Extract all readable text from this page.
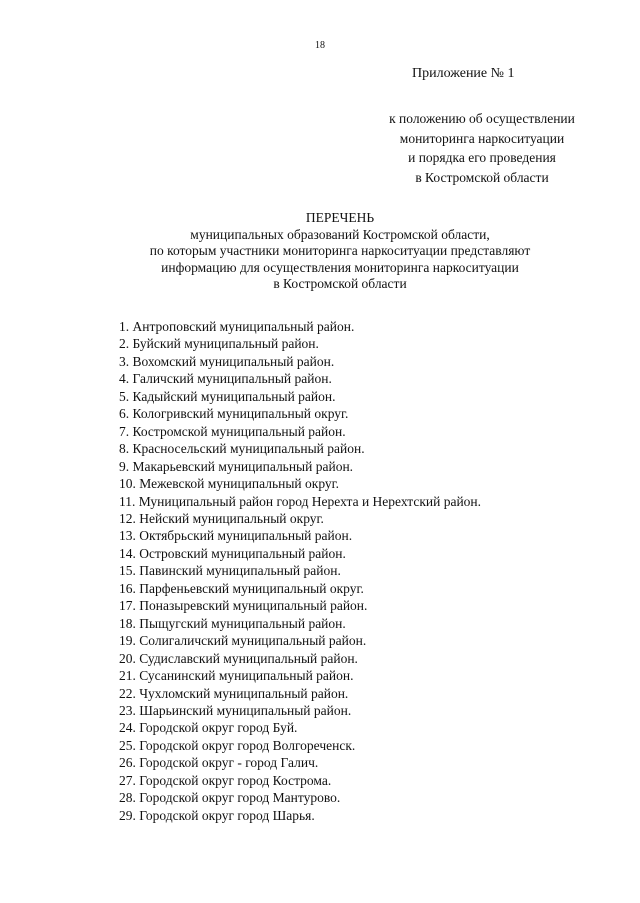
18
Приложение № 1
к положению об осуществлении
мониторинга наркоситуации
и порядка его проведения
в Костромской области
ПЕРЕЧЕНЬ
муниципальных образований Костромской области,
по которым участники мониторинга наркоситуации представляют
информацию для осуществления мониторинга наркоситуации
в Костромской области
1. Антроповский муниципальный район.
2. Буйский муниципальный район.
3. Вохомский муниципальный район.
4. Галичский муниципальный район.
5. Кадыйский муниципальный район.
6. Кологривский муниципальный округ.
7. Костромской муниципальный район.
8. Красносельский муниципальный район.
9. Макарьевский муниципальный район.
10. Межевской муниципальный округ.
11. Муниципальный район город Нерехта и Нерехтский район.
12. Нейский муниципальный округ.
13. Октябрьский муниципальный район.
14. Островский муниципальный район.
15. Павинский муниципальный район.
16. Парфеньевский муниципальный округ.
17. Поназыревский муниципальный район.
18. Пыщугский муниципальный район.
19. Солигаличский муниципальный район.
20. Судиславский муниципальный район.
21. Сусанинский муниципальный район.
22. Чухломский муниципальный район.
23. Шарьинский муниципальный район.
24. Городской округ город Буй.
25. Городской округ город Волгореченск.
26. Городской округ - город Галич.
27. Городской округ город Кострома.
28. Городской округ город Мантурово.
29. Городской округ город Шарья.
